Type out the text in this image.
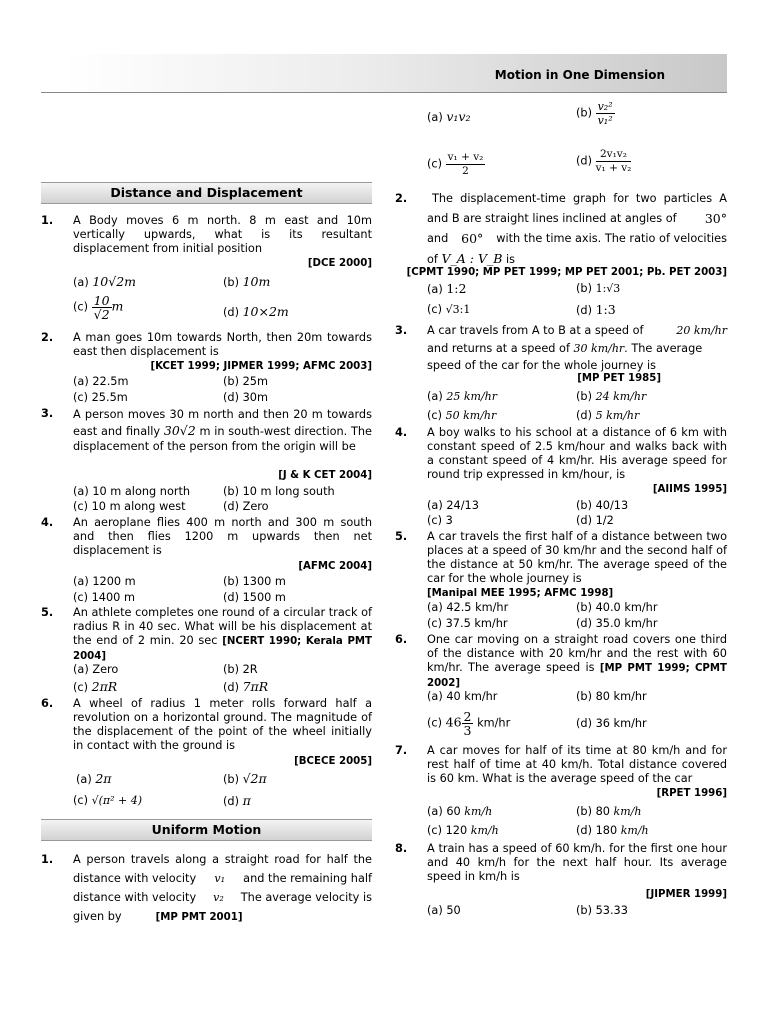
Motion in One Dimension
Distance and Displacement
1. A Body moves 6 m north. 8 m east and 10m vertically upwards, what is its resultant displacement from initial position
[DCE 2000]
(a) 10√2m	(b) 10m
$(c) \frac{10}{√2}$ m	(d) 10×2m
2. A man goes 10m towards North, then 20m towards east then displacement is
[KCET 1999; JIPMER 1999; AFMC 2003]
(a) 22.5m	(b) 25m
(c) 25.5m	(d) 30m
3. A person moves 30 m north and then 20 m towards east and finally 30√2 m in south-west direction. The displacement of the person from the origin will be
[J & K CET 2004]
(a) 10 m along north	(b) 10 m long south
(c) 10 m along west	(d) Zero
4. An aeroplane flies 400 m north and 300 m south and then flies 1200 m upwards then net displacement is
[AFMC 2004]
(a) 1200 m	(b) 1300 m
(c) 1400 m	(d) 1500 m
5. An athlete completes one round of a circular track of radius R in 40 sec. What will be his displacement at the end of 2 min. 20 sec [NCERT 1990; Kerala PMT 2004]
(a) Zero	(b) 2R
(c) 2πR	(d) 7πR
6. A wheel of radius 1 meter rolls forward half a revolution on a horizontal ground. The magnitude of the displacement of the point of the wheel initially in contact with the ground is
[BCECE 2005]
(a) 2π	(b) √2π
(c) √(π² + 4)	(d) π
Uniform Motion
1. A person travels along a straight road for half the
distance with velocity v₁ and the remaining half
distance with velocity v₂ The average velocity is
given by	[MP PMT 2001]
(a) v₁v₂	$(b) \frac{\text{v₂²}}{\text{v₁²}}$
$(c) \frac{\text{v₁ + v₂}}{2}$	$(d) \frac{\text{2v₁v₂}}{\text{v₁ + v₂}}$
2.	The displacement-time graph for two particles A
and B are straight lines inclined at angles of 30°
and 60° with the time axis. The ratio of velocities
of V_A : V_B is
[CPMT 1990; MP PET 1999; MP PET 2001; Pb. PET 2003]
(a) 1:2	(b) 1:√3
(c) √3:1	(d) 1:3
3. A car travels from A to B at a speed of	20 km/hr
and returns at a speed of 30 km/hr. The average
speed of the car for the whole journey is
[MP PET 1985]
(a) 25 km/hr	(b) 24 km/hr
(c) 50 km/hr	(d) 5 km/hr
4. A boy walks to his school at a distance of 6 km with constant speed of 2.5 km/hour and walks back with a constant speed of 4 km/hr. His average speed for round trip expressed in km/hour, is
[AIIMS 1995]
(a) 24/13	(b) 40/13
(c) 3	(d) 1/2
5. A car travels the first half of a distance between two places at a speed of 30 km/hr and the second half of the distance at 50 km/hr. The average speed of the car for the whole journey is
[Manipal MEE 1995; AFMC 1998]
(a) 42.5 km/hr	(b) 40.0 km/hr
(c) 37.5 km/hr	(d) 35.0 km/hr
6. One car moving on a straight road covers one third of the distance with 20 km/hr and the rest with 60 km/hr. The average speed is [MP PMT 1999; CPMT 2002]
(a) 40 km/hr	(b) 80 km/hr
(c) $46 \frac{2}{3} km/hr$	(d) 36 km/hr
7. A car moves for half of its time at 80 km/h and for rest half of time at 40 km/h. Total distance covered is 60 km. What is the average speed of the car
[RPET 1996]
(a) 60 km/h	(b) 80 km/h
(c) 120 km/h	(d) 180 km/h
8. A train has a speed of 60 km/h. for the first one hour and 40 km/h for the next half hour. Its average speed in km/h is
[JIPMER 1999]
(a) 50	(b) 53.33
